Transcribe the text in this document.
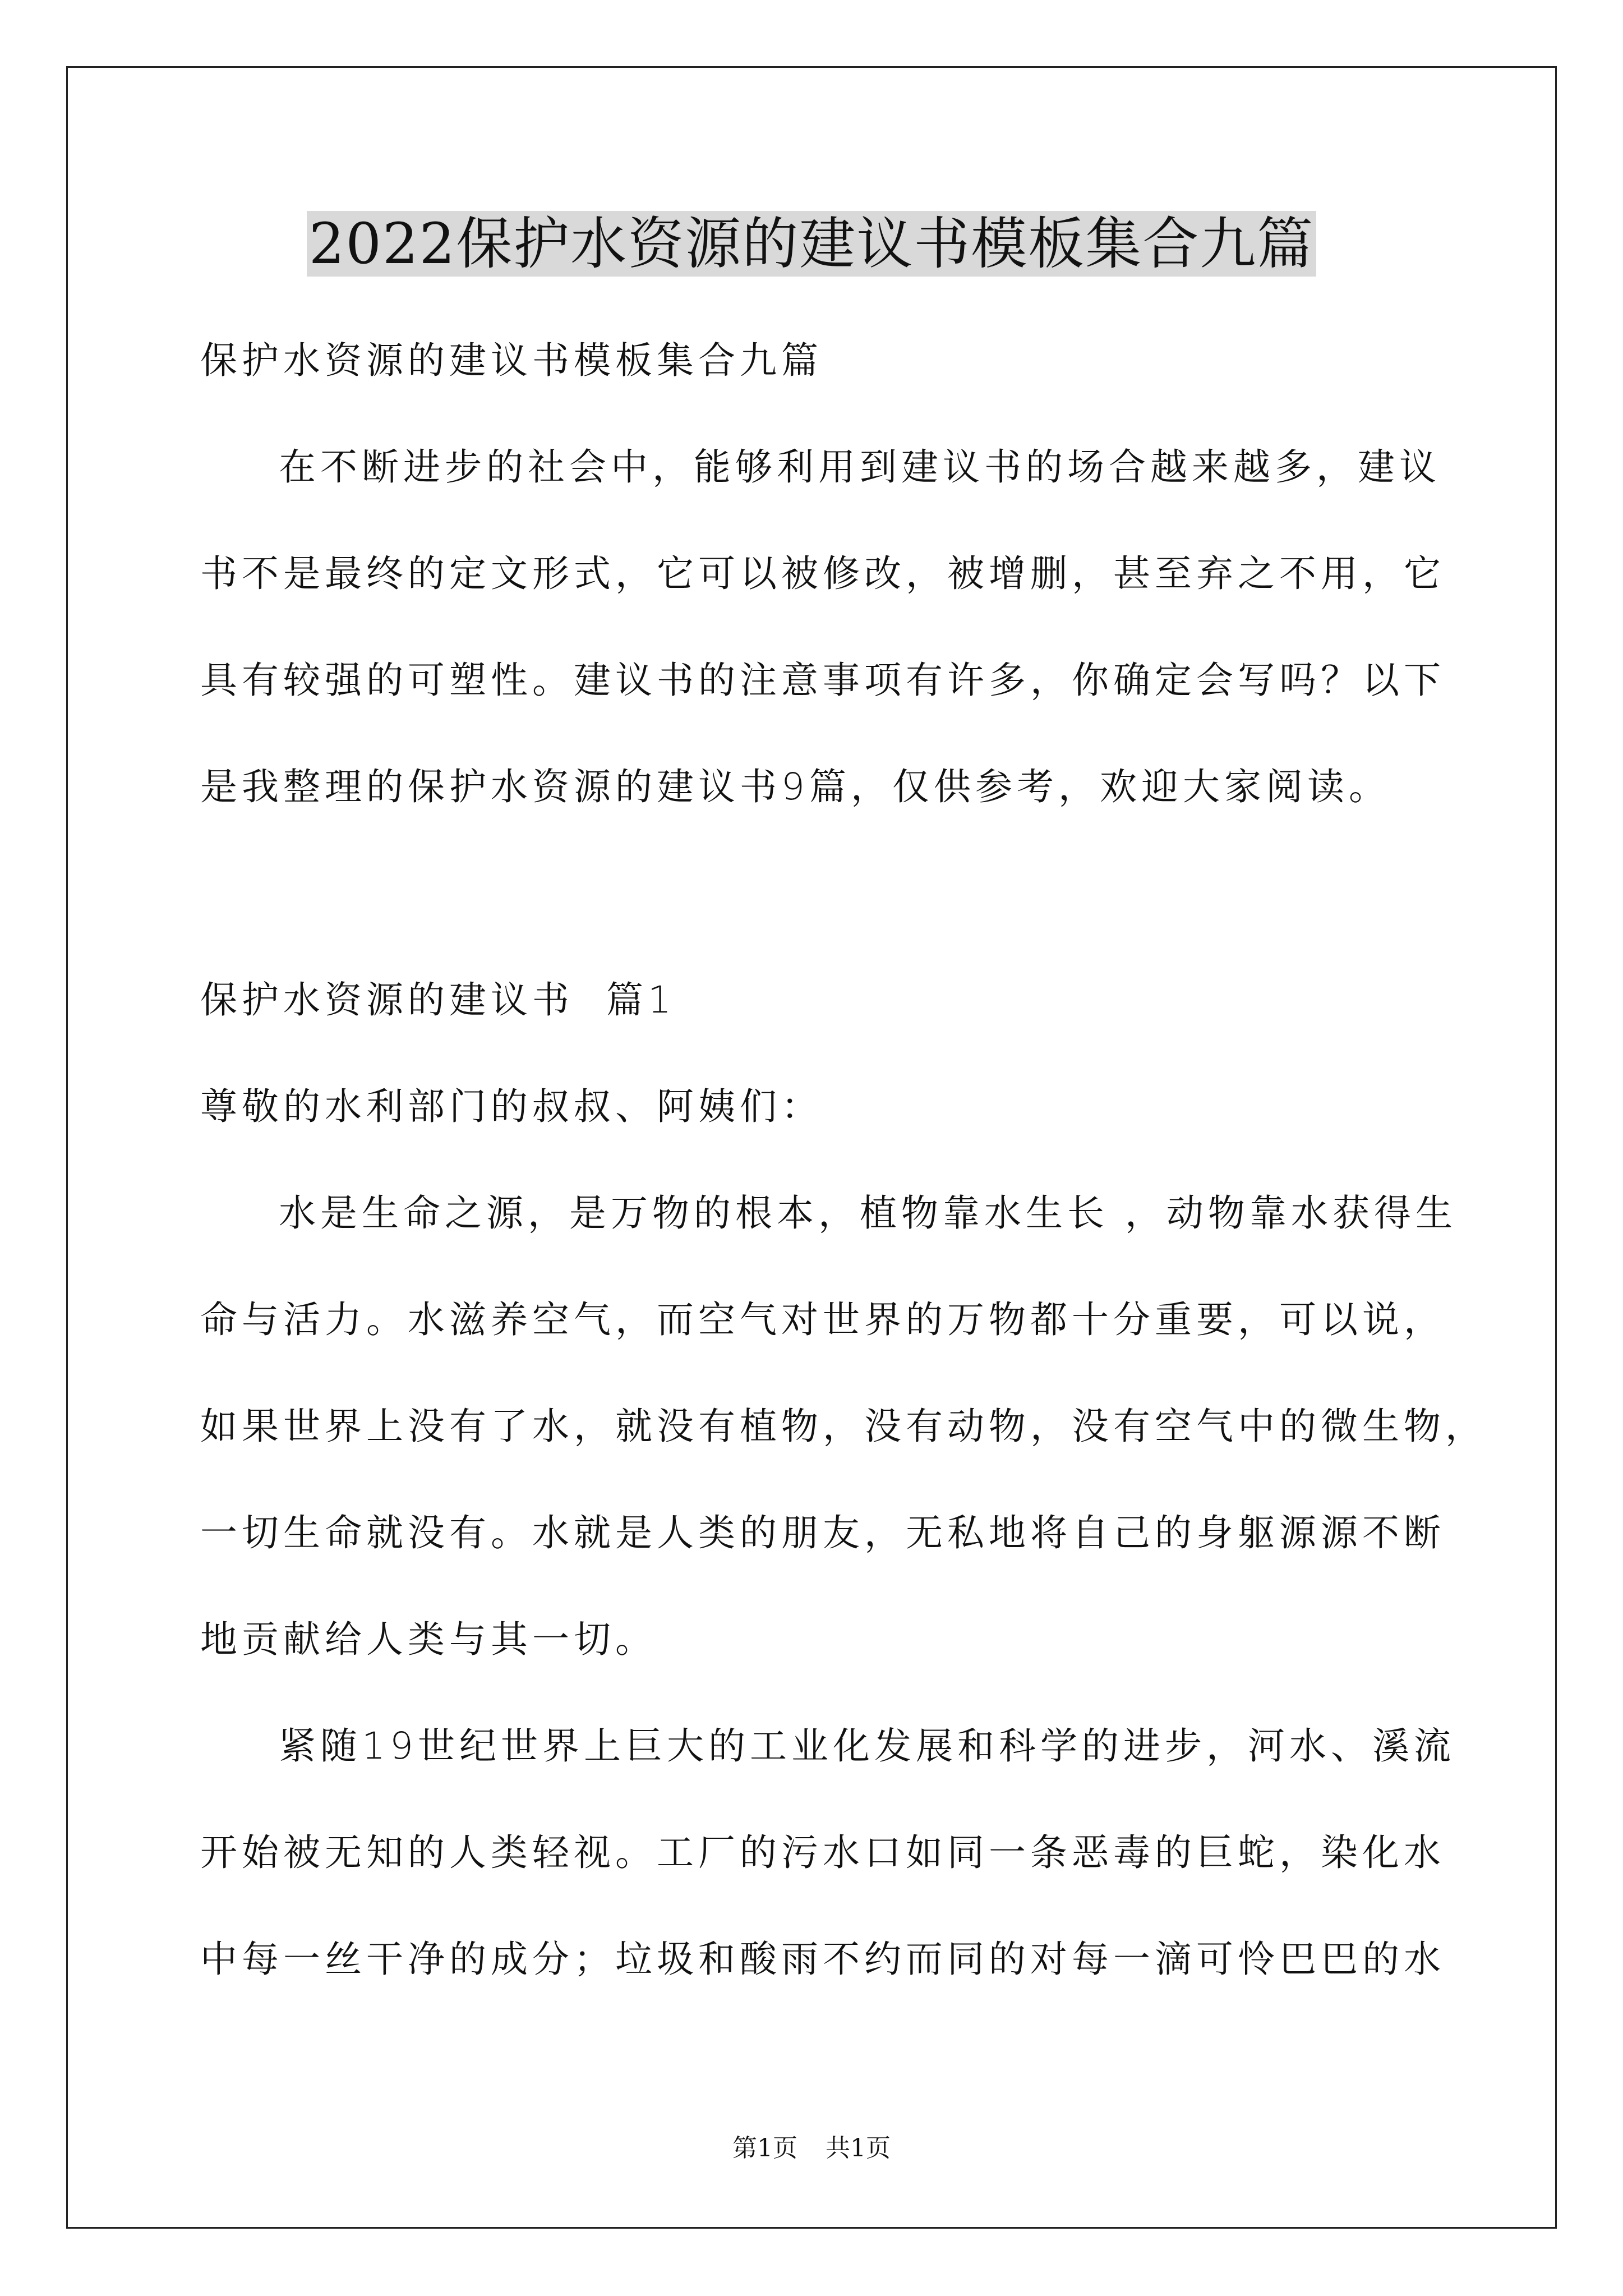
2022保护水资源的建议书模板集合九篇
保护水资源的建议书模板集合九篇
在不断进步的社会中，能够利用到建议书的场合越来越多，建议
书不是最终的定文形式，它可以被修改，被增删，甚至弃之不用，它
具有较强的可塑性。建议书的注意事项有许多，你确定会写吗？以下
是我整理的保护水资源的建议书9篇，仅供参考，欢迎大家阅读。
保护水资源的建议书  篇1
尊敬的水利部门的叔叔、阿姨们：
水是生命之源，是万物的根本，植物靠水生长 ，动物靠水获得生
命与活力。水滋养空气，而空气对世界的万物都十分重要，可以说，
如果世界上没有了水，就没有植物，没有动物，没有空气中的微生物，
一切生命就没有。水就是人类的朋友，无私地将自己的身躯源源不断
地贡献给人类与其一切。
紧随19世纪世界上巨大的工业化发展和科学的进步，河水、溪流
开始被无知的人类轻视。工厂的污水口如同一条恶毒的巨蛇，染化水
中每一丝干净的成分；垃圾和酸雨不约而同的对每一滴可怜巴巴的水
第1页 共1页
